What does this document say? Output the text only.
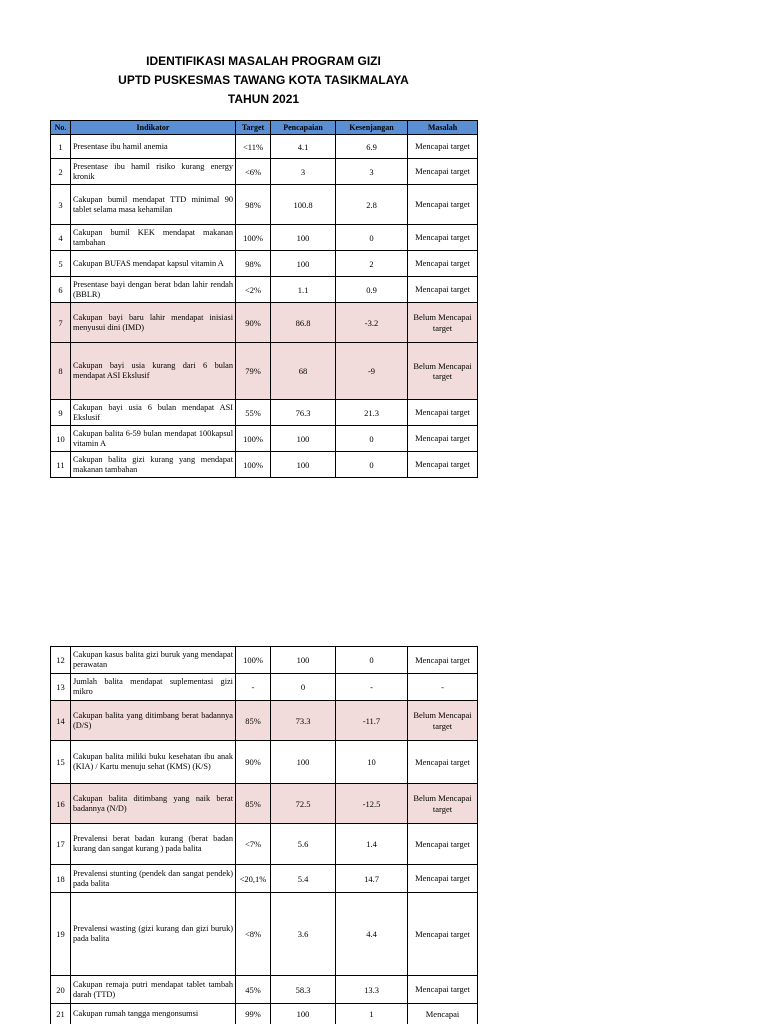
IDENTIFIKASI MASALAH PROGRAM GIZI
UPTD PUSKESMAS TAWANG KOTA TASIKMALAYA
TAHUN 2021
No.	Indikator	Target	Pencapaian	Kesenjangan	Masalah
1	Presentase ibu hamil anemia	<11%	4.1	6.9	Mencapai target
2	Presentase ibu hamil risiko kurang energy kronik	<6%	3	3	Mencapai target
3	Cakupan bumil mendapat TTD minimal 90 tablet selama masa kehamilan	98%	100.8	2.8	Mencapai target
4	Cakupan bumil KEK mendapat makanan tambahan	100%	100	0	Mencapai target
5	Cakupan BUFAS mendapat kapsul vitamin A	98%	100	2	Mencapai target
6	Presentase bayi dengan berat bdan lahir rendah (BBLR)	<2%	1.1	0.9	Mencapai target
7	Cakupan bayi baru lahir mendapat inisiasi menyusui dini (IMD)	90%	86.8	-3.2	Belum Mencapai target
8	Cakupan bayi usia kurang dari 6 bulan mendapat ASI Ekslusif	79%	68	-9	Belum Mencapai target
9	Cakupan bayi usia 6 bulan mendapat ASI Ekslusif	55%	76.3	21.3	Mencapai target
10	Cakupan balita 6-59 bulan mendapat 100kapsul vitamin A	100%	100	0	Mencapai target
11	Cakupan balita gizi kurang yang mendapat makanan tambahan	100%	100	0	Mencapai target
12	Cakupan kasus balita gizi buruk yang mendapat perawatan	100%	100	0	Mencapai target
13	Jumlah balita mendapat suplementasi gizi mikro	-	0	-	-
14	Cakupan balita yang ditimbang berat badannya (D/S)	85%	73.3	-11.7	Belum Mencapai target
15	Cakupan balita miliki buku kesehatan ibu anak (KIA) / Kartu menuju sehat (KMS) (K/S)	90%	100	10	Mencapai target
16	Cakupan balita ditimbang yang naik berat badannya (N/D)	85%	72.5	-12.5	Belum Mencapai target
17	Prevalensi berat badan kurang (berat badan kurang dan sangat kurang ) pada balita	<7%	5.6	1.4	Mencapai target
18	Prevalensi stunting (pendek dan sangat pendek) pada balita	<20,1%	5.4	14.7	Mencapai target
19	Prevalensi wasting (gizi kurang dan gizi buruk) pada balita	<8%	3.6	4.4	Mencapai target
20	Cakupan remaja putri mendapat tablet tambah darah (TTD)	45%	58.3	13.3	Mencapai target
21	Cakupan rumah tangga mengonsumsi	99%	100	1	Mencapai
